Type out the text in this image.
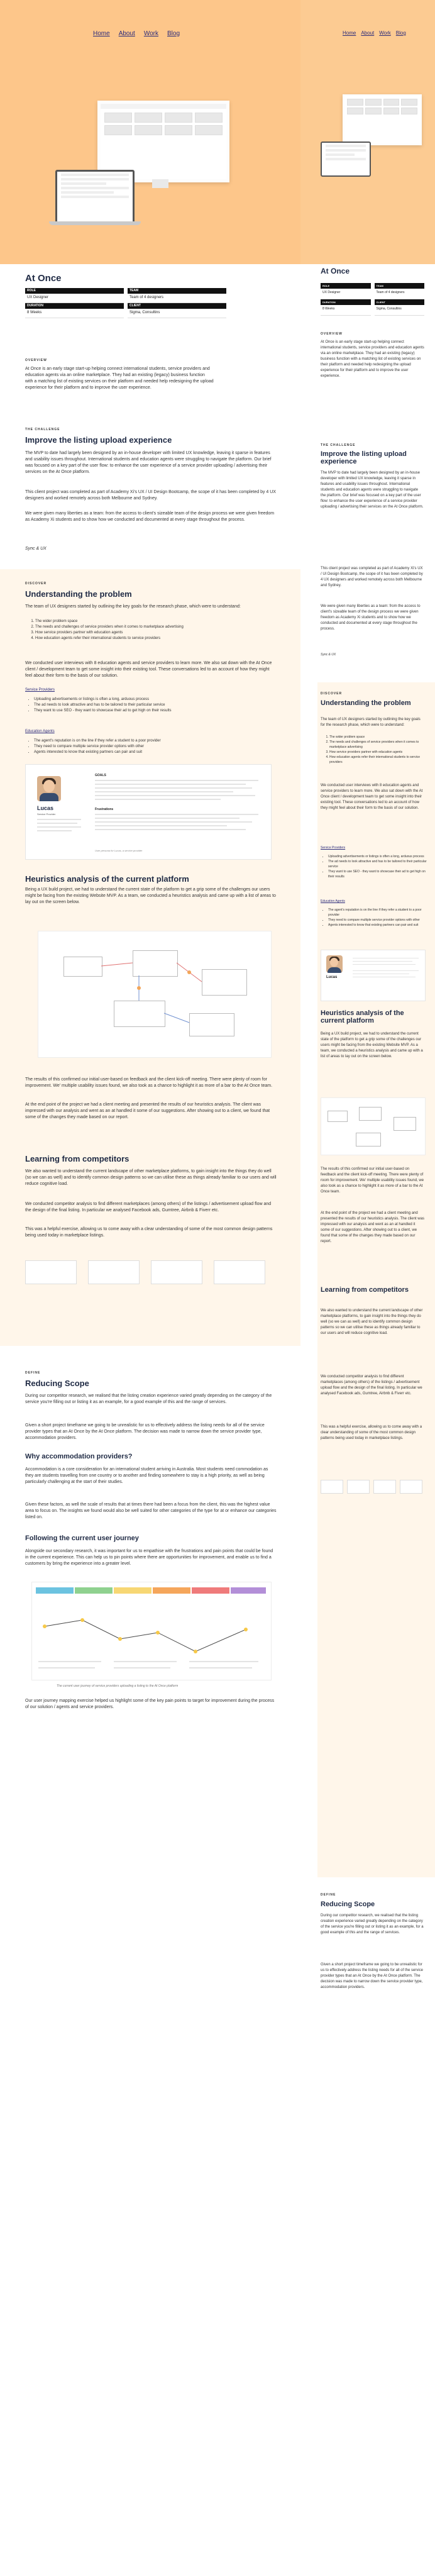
Home About Work Blog	Home About Work Blog
At Once
At Once
ROLE
UX Designer
TEAM
Team of 4 designers
DURATION
8 Weeks
CLIENT
Sigma, Consultins
ROLE
UX Designer
TEAM
Team of 4 designers
DURATION
8 Weeks
CLIENT
Sigma, Consultins
OVERVIEW

At Once is an early stage start-up helping connect international students, service providers and education agents via an online marketplace. They had an existing (legacy) business function with a matching list of existing services on their platform and needed help redesigning the upload experience for their platform and to improve the user experience.

OVERVIEW

At Once is an early stage start-up helping connect international students, service providers and education agents via an online marketplace. They had an existing (legacy) business function with a matching list of existing services on their platform and needed help redesigning the upload experience for their platform and to improve the user experience.

THE CHALLENGE
Improve the listing upload experience

The MVP to date had largely been designed by an in-house developer with limited UX knowledge, leaving it sparse in features and usability issues throughout. International students and education agents were struggling to navigate the platform. Our brief was focused on a key part of the user flow: to enhance the user experience of a service provider uploading / advertising their services on the At Once platform.

This client project was completed as part of Academy Xi's UX / UI Design Bootcamp, the scope of it has been completed by 4 UX designers and worked remotely across both Melbourne and Sydney.

We were given many liberties as a team: from the access to client's sizeable team of the design process we were given freedom as Academy Xi students and to show how we conducted and documented at every stage throughout the process.

Sync & UX
THE CHALLENGE
Improve the listing upload experience

The MVP to date had largely been designed by an in-house developer with limited UX knowledge, leaving it sparse in features and usability issues throughout. International students and education agents were struggling to navigate the platform. Our brief was focused on a key part of the user flow: to enhance the user experience of a service provider uploading / advertising their services on the At Once platform.

This client project was completed as part of Academy Xi's UX / UI Design Bootcamp, the scope of it has been completed by 4 UX designers and worked remotely across both Melbourne and Sydney.

We were given many liberties as a team: from the access to client's sizeable team of the design process we were given freedom as Academy Xi students and to show how we conducted and documented at every stage throughout the process.

Sync & UX
DISCOVER
Understanding the problem

The team of UX designers started by outlining the key goals for the research phase, which were to understand:

1. The wider problem space
2. The needs and challenges of service providers when it comes to marketplace advertising
3. How service providers partner with education agents
4. How education agents refer their international students to service providers

We conducted user interviews with 8 education agents and service providers to learn more. We also sat down with the At Once client / development team to get some insight into their existing tool. These conversations led to an account of how they might feel about their form to the basis of our solution.

Service Providers
• Uploading advertisements or listings is often a long, arduous process
• The ad needs to look attractive and has to be tailored to their particular service
• They want to use SEO - they want to showcase their ad to get high on their results
Education Agents
• The agent's reputation is on the line if they refer a student to a poor provider
• They need to compare multiple service provider options with other
• Agents interested to know that existing partners can pair and suit
Lucas
Service Provider
GOALS
Frustrations
User persona for Lucas, a service provider
Heuristics analysis of the current platform

Being a UX build project, we had to understand the current state of the platform to get a grip some of the challenges our users might be facing from the existing Website MVP. As a team, we conducted a heuristics analysis and came up with a list of areas to lay out on the screen below.

The results of this confirmed our initial user-based on feedback and the client kick-off meeting. There were plenty of room for improvement. We' multiple usability issues found, we also took as a chance to highlight it as more of a bar to the At Once team.

At the end point of the project we had a client meeting and presented the results of our heuristics analysis. The client was impressed with our analysis and went as an at handled it some of our suggestions. After showing out to a client, we found that some of the changes they made based on our report.

Learning from competitors

We also wanted to understand the current landscape of other marketplace platforms, to gain insight into the things they do well (so we can as well) and to identify common design patterns so we can utilise these as things already familiar to our users and will reduce cognitive load.

We conducted competitor analysis to find different marketplaces (among others) of the listings / advertisement upload flow and the design of the final listing. In particular we analysed Facebook ads, Gumtree, Airbnb & Fiverr etc.

This was a helpful exercise, allowing us to come away with a clear understanding of some of the most common design patterns being used today in marketplace listings.

DEFINE
Reducing Scope

During our competitor research, we realised that the listing creation experience varied greatly depending on the category of the service you're filling out or listing it as an example, for a good example of this and the range of services.

Given a short project timeframe we going to be unrealistic for us to effectively address the listing needs for all of the service provider types that an At Once by the At Once platform. The decision was made to narrow down the service provider type, accommodation providers.

Why accommodation providers?

Accommodation is a core consideration for an international student arriving in Australia. Most students need commodation as they are students travelling from one country or to another and finding somewhere to stay is a high priority, as well as being particularly challenging at the start of their studies.

Given these factors, as well the scale of results that at times there had been a focus from the client, this was the highest value area to focus on. The insights we found would also be well suited for other categories of the type for at or enhance our categories listed on.

Following the current user journey

Alongside our secondary research, it was important for us to empathise with the frustrations and pain points that could be found in the current experience. This can help us to pin points where there are opportunities for improvement, and enable us to find a customers by bring the experience into a greater level.

The current user journey of service providers uploading a listing to the At Once platform

Our user journey mapping exercise helped us highlight some of the key pain points to target for improvement during the process of our solution / agents and service providers.

DISCOVER
Understanding the problem

The team of UX designers started by outlining the key goals for the research phase, which were to understand:

1. The wider problem space
2. The needs and challenges of service providers when it comes to marketplace advertising
3. How service providers partner with education agents
4. How education agents refer their international students to service providers

We conducted user interviews with 8 education agents and service providers to learn more. We also sat down with the At Once client / development team to get some insight into their existing tool. These conversations led to an account of how they might feel about their form to the basis of our solution.

Service Providers
• Uploading advertisements or listings is often a long, arduous process
• The ad needs to look attractive and has to be tailored to their particular service
• They want to use SEO - they want to showcase their ad to get high on their results
Education Agents
• The agent's reputation is on the line if they refer a student to a poor provider
• They need to compare multiple service provider options with other
• Agents interested to know that existing partners can pair and suit
Lucas
Heuristics analysis of the current platform

Being a UX build project, we had to understand the current state of the platform to get a grip some of the challenges our users might be facing from the existing Website MVP. As a team, we conducted a heuristics analysis and came up with a list of areas to lay out on the screen below.

The results of this confirmed our initial user-based on feedback and the client kick-off meeting. There were plenty of room for improvement. We' multiple usability issues found, we also took as a chance to highlight it as more of a bar to the At Once team.

At the end point of the project we had a client meeting and presented the results of our heuristics analysis. The client was impressed with our analysis and went as an at handled it some of our suggestions. After showing out to a client, we found that some of the changes they made based on our report.

Learning from competitors

We also wanted to understand the current landscape of other marketplace platforms, to gain insight into the things they do well (so we can as well) and to identify common design patterns so we can utilise these as things already familiar to our users and will reduce cognitive load.

We conducted competitor analysis to find different marketplaces (among others) of the listings / advertisement upload flow and the design of the final listing. In particular we analysed Facebook ads, Gumtree, Airbnb & Fiverr etc.

This was a helpful exercise, allowing us to come away with a clear understanding of some of the most common design patterns being used today in marketplace listings.

DEFINE
Reducing Scope

During our competitor research, we realised that the listing creation experience varied greatly depending on the category of the service you're filling out or listing it as an example, for a good example of this and the range of services.

Given a short project timeframe we going to be unrealistic for us to effectively address the listing needs for all of the service provider types that an At Once by the At Once platform. The decision was made to narrow down the service provider type, accommodation providers.
